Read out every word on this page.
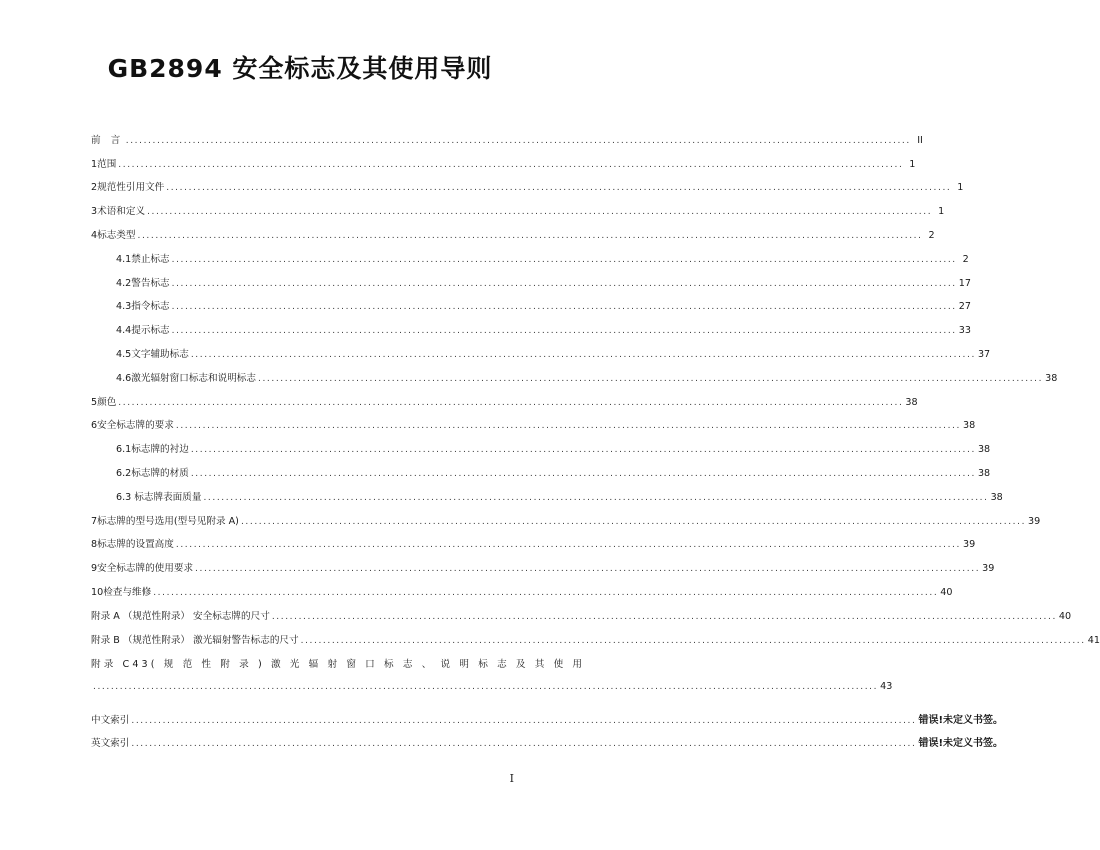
GB2894 安全标志及其使用导则
前 言 ................................................................................................................................................................................ II
1 范围 ................................................................................................................................................................................ 1
2 规范性引用文件 ................................................................................................................................................................................ 1
3 术语和定义 ................................................................................................................................................................................ 1
4 标志类型 ................................................................................................................................................................................ 2
4.1 禁止标志 ................................................................................................................................................................................ 2
4.2 警告标志 ................................................................................................................................................................................ 17
4.3 指令标志 ................................................................................................................................................................................ 27
4.4 提示标志 ................................................................................................................................................................................ 33
4.5 文字辅助标志 ................................................................................................................................................................................ 37
4.6 激光辐射窗口标志和说明标志 ................................................................................................................................................................................ 38
5 颜色 ................................................................................................................................................................................ 38
6 安全标志牌的要求 ................................................................................................................................................................................ 38
6.1 标志牌的衬边 ................................................................................................................................................................................ 38
6.2 标志牌的材质 ................................................................................................................................................................................ 38
6.3 标志牌表面质量 ................................................................................................................................................................................ 38
7 标志牌的型号选用(型号见附录 A) ................................................................................................................................................................................ 39
8 标志牌的设置高度 ................................................................................................................................................................................ 39
9 安全标志牌的使用要求 ................................................................................................................................................................................ 39
10 检查与维修 ................................................................................................................................................................................ 40
附录 A （规范性附录） 安全标志牌的尺寸 ................................................................................................................................................................................ 40
附录 B （规范性附录） 激光辐射警告标志的尺寸 ................................................................................................................................................................................ 41
附录 C43( 规 范 性 附 录 ) 激 光 辐 射 窗 口 标 志 、 说 明 标 志 及 其 使 用
................................................................................................................................................................................ 43
中文索引 ................................................................................................................................................................................ 错误!未定义书签。
英文索引 ................................................................................................................................................................................ 错误!未定义书签。
I
